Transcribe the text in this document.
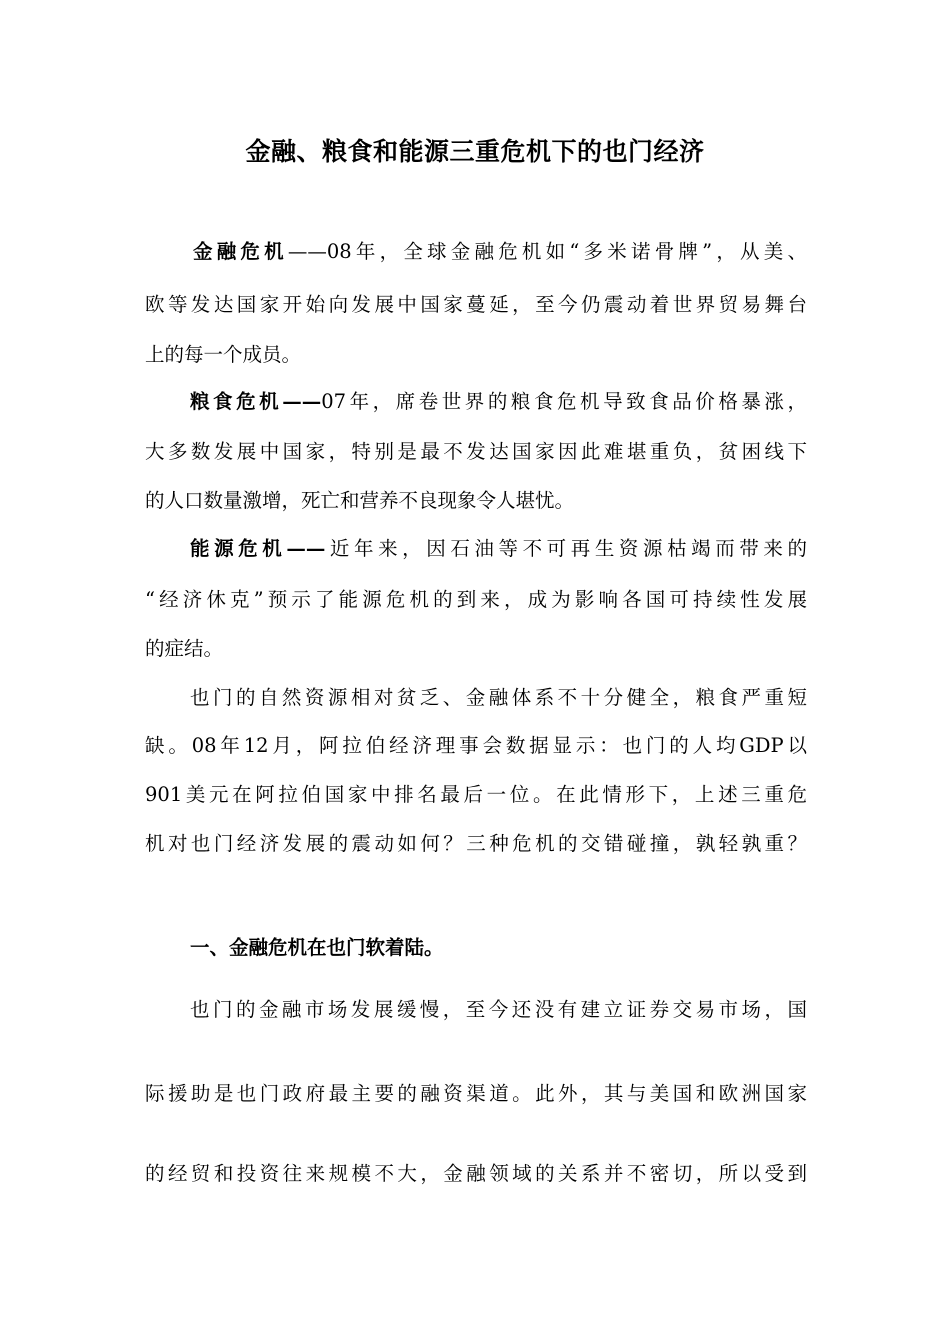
金融、粮食和能源三重危机下的也门经济
金融危机——08年，全球金融危机如“多米诺骨牌”，从美、
欧等发达国家开始向发展中国家蔓延，至今仍震动着世界贸易舞台
上的每一个成员。
粮食危机——07年，席卷世界的粮食危机导致食品价格暴涨，
大多数发展中国家，特别是最不发达国家因此难堪重负，贫困线下
的人口数量激增，死亡和营养不良现象令人堪忧。
能源危机——近年来，因石油等不可再生资源枯竭而带来的
“经济休克”预示了能源危机的到来，成为影响各国可持续性发展
的症结。
也门的自然资源相对贫乏、金融体系不十分健全，粮食严重短
缺。08年12月，阿拉伯经济理事会数据显示：也门的人均GDP以
901美元在阿拉伯国家中排名最后一位。在此情形下，上述三重危
机对也门经济发展的震动如何？三种危机的交错碰撞，孰轻孰重？
一、金融危机在也门软着陆。
也门的金融市场发展缓慢，至今还没有建立证券交易市场，国
际援助是也门政府最主要的融资渠道。此外，其与美国和欧洲国家
的经贸和投资往来规模不大，金融领域的关系并不密切，所以受到
